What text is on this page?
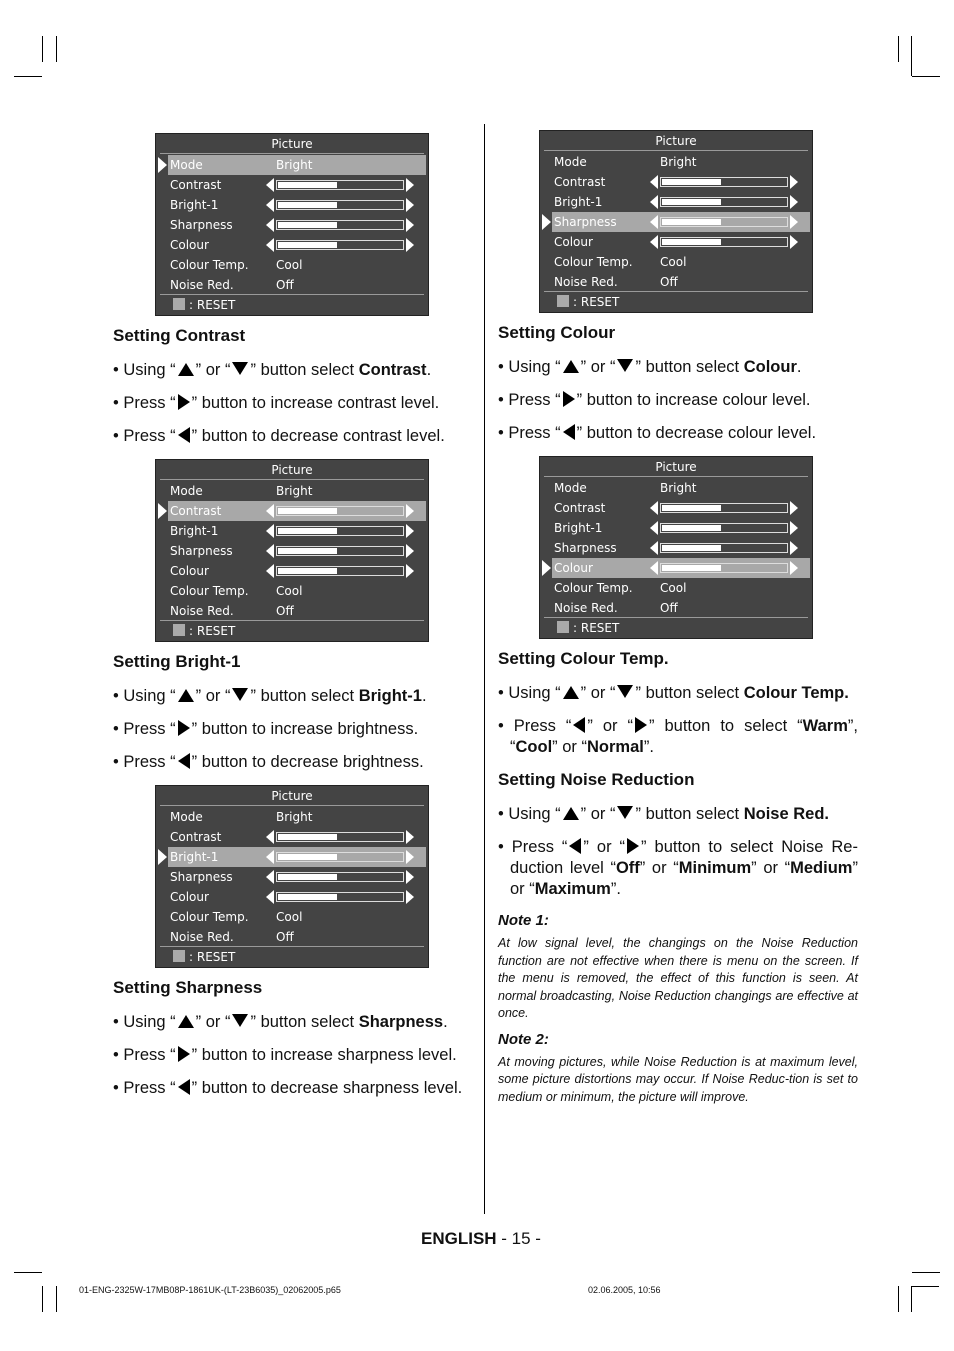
Picture
Mode	Bright
Contrast
Bright-1
Sharpness
Colour
Colour Temp. Cool
Noise Red.	Off
: RESET
Setting Contrast

• Using “ ” or “ ” button select Contrast.

• Press “ ” button to increase contrast level.

• Press “ ” button to decrease contrast level.

Picture
Mode	Bright
Contrast
Bright-1
Sharpness
Colour
Colour Temp. Cool
Noise Red.	Off
: RESET
Setting Bright-1

• Using “ ” or “ ” button select Bright-1.

• Press “ ” button to increase brightness.

• Press “ ” button to decrease brightness.

Picture
Mode	Bright
Contrast
Bright-1
Sharpness
Colour
Colour Temp. Cool
Noise Red.	Off
: RESET
Setting Sharpness

• Using “ ” or “ ” button select Sharpness.

• Press “ ” button to increase sharpness level.

• Press “ ” button to decrease sharpness level.

Picture
Mode	Bright
Contrast
Bright-1
Sharpness
Colour
Colour Temp. Cool
Noise Red.	Off
: RESET
Setting Colour

• Using “ ” or “ ” button select Colour.

• Press “ ” button to increase colour level.

• Press “ ” button to decrease colour level.

Picture
Mode	Bright
Contrast
Bright-1
Sharpness
Colour
Colour Temp. Cool
Noise Red.	Off
: RESET
Setting Colour Temp.

• Using “ ” or “ ” button select Colour Temp.

• Press “ ” or “ ” button to select “Warm”, “Cool” or “Normal”.

Setting Noise Reduction

• Using “ ” or “ ” button select Noise Red.

• Press “ ” or “ ” button to select Noise Re-duction level “Off” or “Minimum” or “Medium” or “Maximum”.

Note 1:

At low signal level, the changings on the Noise Reduction function are not effective when there is menu on the screen. If the menu is removed, the effect of this function is seen. At normal broadcasting, Noise Reduction changings are effective at once.

Note 2:

At moving pictures, while Noise Reduction is at maximum level, some picture distortions may occur. If Noise Reduc-tion is set to medium or minimum, the picture will improve.

ENGLISH - 15 -
01-ENG-2325W-17MB08P-1861UK-(LT-23B6035)_02062005.p65	02.06.2005, 10:56
